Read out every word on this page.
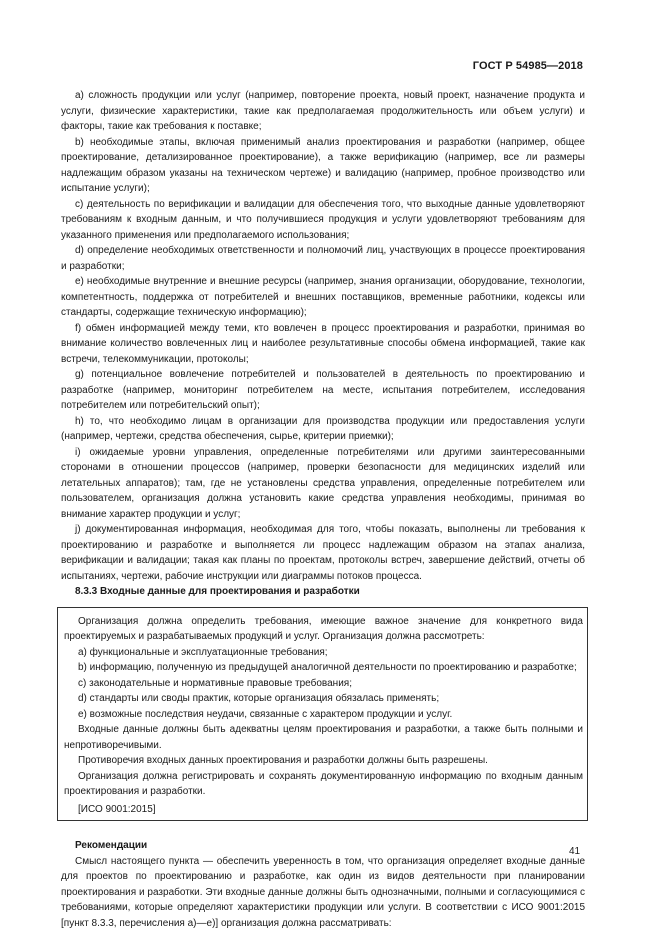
ГОСТ Р 54985—2018

a) сложность продукции или услуг (например, повторение проекта, новый проект, назначение продукта и услуги, физические характеристики, такие как предполагаемая продолжительность или объем услуги) и факторы, такие как требования к поставке;

b) необходимые этапы, включая применимый анализ проектирования и разработки (например, общее проектирование, детализированное проектирование), а также верификацию (например, все ли размеры надлежащим образом указаны на техническом чертеже) и валидацию (например, пробное производство или испытание услуги);

c) деятельность по верификации и валидации для обеспечения того, что выходные данные удовлетворяют требованиям к входным данным, и что получившиеся продукция и услуги удовлетворяют требованиям для указанного применения или предполагаемого использования;

d) определение необходимых ответственности и полномочий лиц, участвующих в процессе проектирования и разработки;

e) необходимые внутренние и внешние ресурсы (например, знания организации, оборудование, технологии, компетентность, поддержка от потребителей и внешних поставщиков, временные работники, кодексы или стандарты, содержащие техническую информацию);

f) обмен информацией между теми, кто вовлечен в процесс проектирования и разработки, принимая во внимание количество вовлеченных лиц и наиболее результативные способы обмена информацией, такие как встречи, телекоммуникации, протоколы;

g) потенциальное вовлечение потребителей и пользователей в деятельность по проектированию и разработке (например, мониторинг потребителем на месте, испытания потребителем, исследования потребителем или потребительский опыт);

h) то, что необходимо лицам в организации для производства продукции или предоставления услуги (например, чертежи, средства обеспечения, сырье, критерии приемки);

i) ожидаемые уровни управления, определенные потребителями или другими заинтересованными сторонами в отношении процессов (например, проверки безопасности для медицинских изделий или летательных аппаратов); там, где не установлены средства управления, определенные потребителем или пользователем, организация должна установить какие средства управления необходимы, принимая во внимание характер продукции и услуг;

j) документированная информация, необходимая для того, чтобы показать, выполнены ли требования к проектированию и разработке и выполняется ли процесс надлежащим образом на этапах анализа, верификации и валидации; такая как планы по проектам, протоколы встреч, завершение действий, отчеты об испытаниях, чертежи, рабочие инструкции или диаграммы потоков процесса.

8.3.3 Входные данные для проектирования и разработки

Организация должна определить требования, имеющие важное значение для конкретного вида проектируемых и разрабатываемых продукций и услуг. Организация должна рассмотреть:

a) функциональные и эксплуатационные требования;

b) информацию, полученную из предыдущей аналогичной деятельности по проектированию и разработке;

c) законодательные и нормативные правовые требования;

d) стандарты или своды практик, которые организация обязалась применять;

e) возможные последствия неудачи, связанные с характером продукции и услуг.

Входные данные должны быть адекватны целям проектирования и разработки, а также быть полными и непротиворечивыми.

Противоречия входных данных проектирования и разработки должны быть разрешены.

Организация должна регистрировать и сохранять документированную информацию по входным данным проектирования и разработки.

[ИСО 9001:2015]

Рекомендации

Смысл настоящего пункта — обеспечить уверенность в том, что организация определяет входные данные для проектов по проектированию и разработке, как один из видов деятельности при планировании проектирования и разработки. Эти входные данные должны быть однозначными, полными и согласующимися с требованиями, которые определяют характеристики продукции или услуги. В соответствии с ИСО 9001:2015 [пункт 8.3.3, перечисления а)—е)] организация должна рассматривать:

41
